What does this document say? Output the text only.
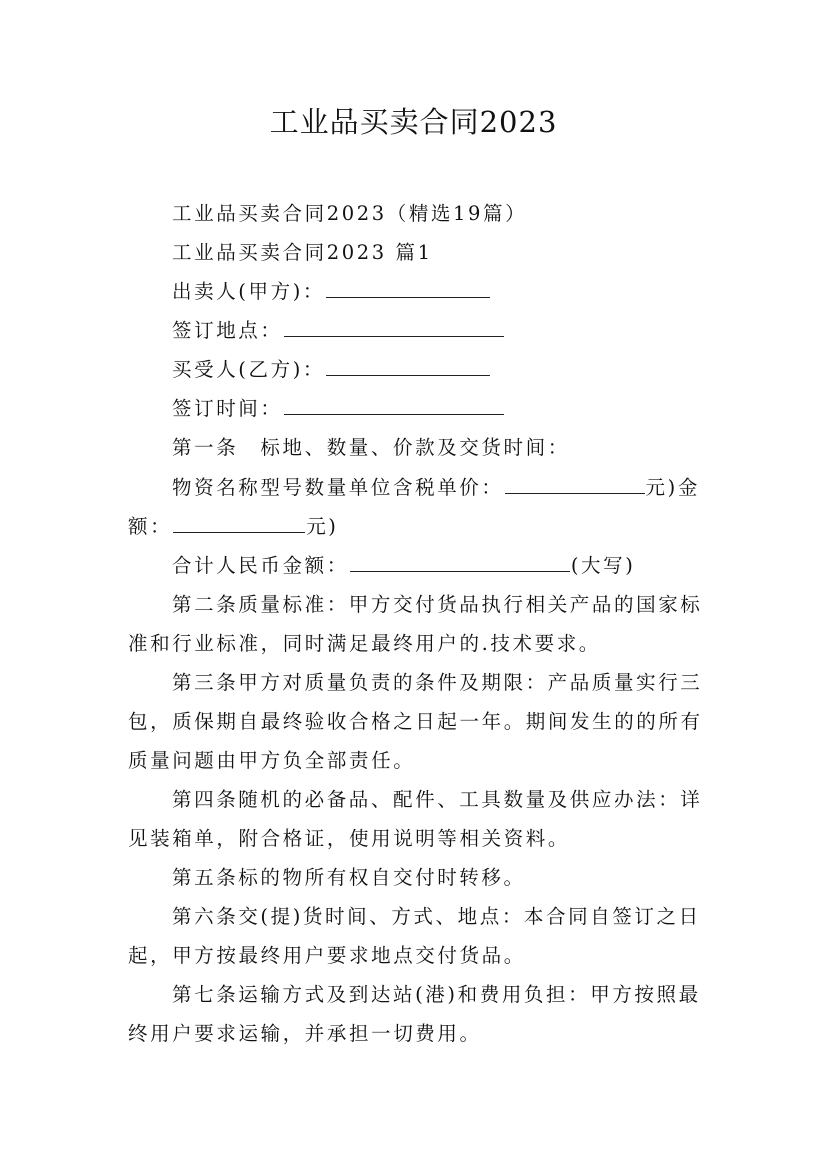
工业品买卖合同2023
工业品买卖合同2023（精选19篇）
工业品买卖合同2023 篇1
出卖人(甲方)：
签订地点：
买受人(乙方)：
签订时间：
第一条　标地、数量、价款及交货时间：
物资名称型号数量单位含税单价：	元)金
额：	元)
合计人民币金额：	(大写)
第二条质量标准：甲方交付货品执行相关产品的国家标
准和行业标准，同时满足最终用户的.技术要求。
第三条甲方对质量负责的条件及期限：产品质量实行三
包，质保期自最终验收合格之日起一年。期间发生的的所有
质量问题由甲方负全部责任。
第四条随机的必备品、配件、工具数量及供应办法：详
见装箱单，附合格证，使用说明等相关资料。
第五条标的物所有权自交付时转移。
第六条交(提)货时间、方式、地点：本合同自签订之日
起，甲方按最终用户要求地点交付货品。
第七条运输方式及到达站(港)和费用负担：甲方按照最
终用户要求运输，并承担一切费用。
